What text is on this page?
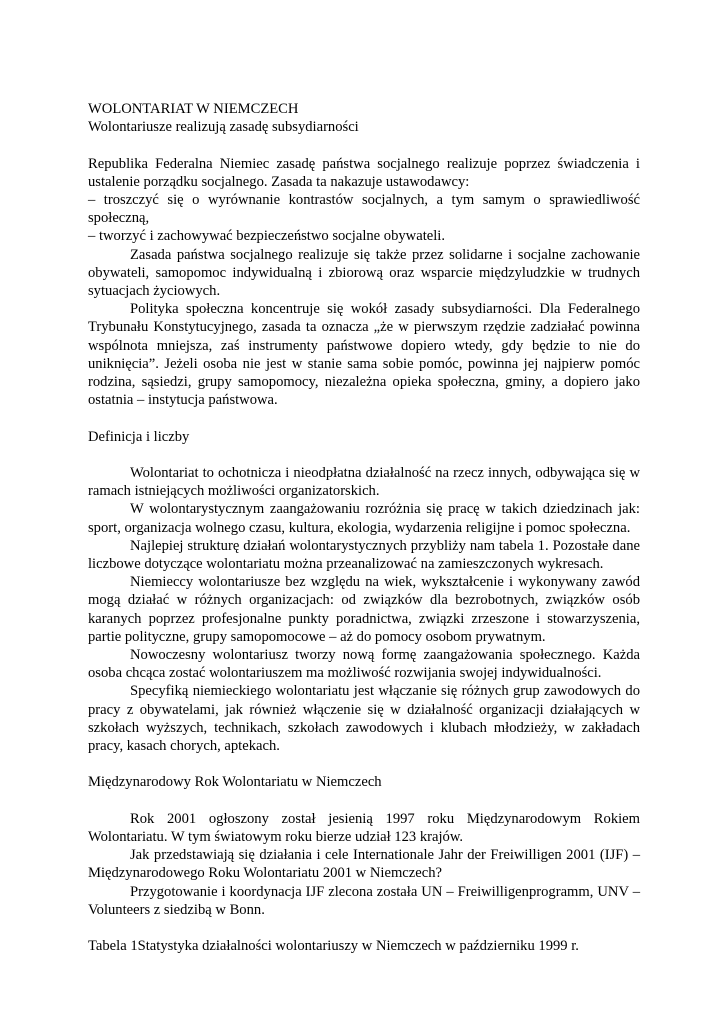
WOLONTARIAT W NIEMCZECH

Wolontariusze realizują zasadę subsydiarności

Republika Federalna Niemiec zasadę państwa socjalnego realizuje poprzez świadczenia i ustalenie porządku socjalnego. Zasada ta nakazuje ustawodawcy:

– troszczyć się o wyrównanie kontrastów socjalnych, a tym samym o sprawiedliwość społeczną,

– tworzyć i zachowywać bezpieczeństwo socjalne obywateli.

Zasada państwa socjalnego realizuje się także przez solidarne i socjalne zachowanie obywateli, samopomoc indywidualną i zbiorową oraz wsparcie międzyludzkie w trudnych sytuacjach życiowych.

Polityka społeczna koncentruje się wokół zasady subsydiarności. Dla Federalnego Trybunału Konstytucyjnego, zasada ta oznacza „że w pierwszym rzędzie zadziałać powinna wspólnota mniejsza, zaś instrumenty państwowe dopiero wtedy, gdy będzie to nie do uniknięcia”. Jeżeli osoba nie jest w stanie sama sobie pomóc, powinna jej najpierw pomóc rodzina, sąsiedzi, grupy samopomocy, niezależna opieka społeczna, gminy, a dopiero jako ostatnia – instytucja państwowa.

Definicja i liczby

Wolontariat to ochotnicza i nieodpłatna działalność na rzecz innych, odbywająca się w ramach istniejących możliwości organizatorskich.

W wolontarystycznym zaangażowaniu rozróżnia się pracę w takich dziedzinach jak: sport, organizacja wolnego czasu, kultura, ekologia, wydarzenia religijne i pomoc społeczna.

Najlepiej strukturę działań wolontarystycznych przybliży nam tabela 1. Pozostałe dane liczbowe dotyczące wolontariatu można przeanalizować na zamieszczonych wykresach.

Niemieccy wolontariusze bez względu na wiek, wykształcenie i wykonywany zawód mogą działać w różnych organizacjach: od związków dla bezrobotnych, związków osób karanych poprzez profesjonalne punkty poradnictwa, związki zrzeszone i stowarzyszenia, partie polityczne, grupy samopomocowe – aż do pomocy osobom prywatnym.

Nowoczesny wolontariusz tworzy nową formę zaangażowania społecznego. Każda osoba chcąca zostać wolontariuszem ma możliwość rozwijania swojej indywidualności.

Specyfiką niemieckiego wolontariatu jest włączanie się różnych grup zawodowych do pracy z obywatelami, jak również włączenie się w działalność organizacji działających w szkołach wyższych, technikach, szkołach zawodowych i klubach młodzieży, w zakładach pracy, kasach chorych, aptekach.

Międzynarodowy Rok Wolontariatu w Niemczech

Rok 2001 ogłoszony został jesienią 1997 roku Międzynarodowym Rokiem Wolontariatu. W tym światowym roku bierze udział 123 krajów.

Jak przedstawiają się działania i cele Internationale Jahr der Freiwilligen 2001 (IJF) – Międzynarodowego Roku Wolontariatu 2001 w Niemczech?

Przygotowanie i koordynacja IJF zlecona została UN – Freiwilligenprogramm, UNV – Volunteers z siedzibą w Bonn.

Tabela 1Statystyka działalności wolontariuszy w Niemczech w październiku 1999 r.
